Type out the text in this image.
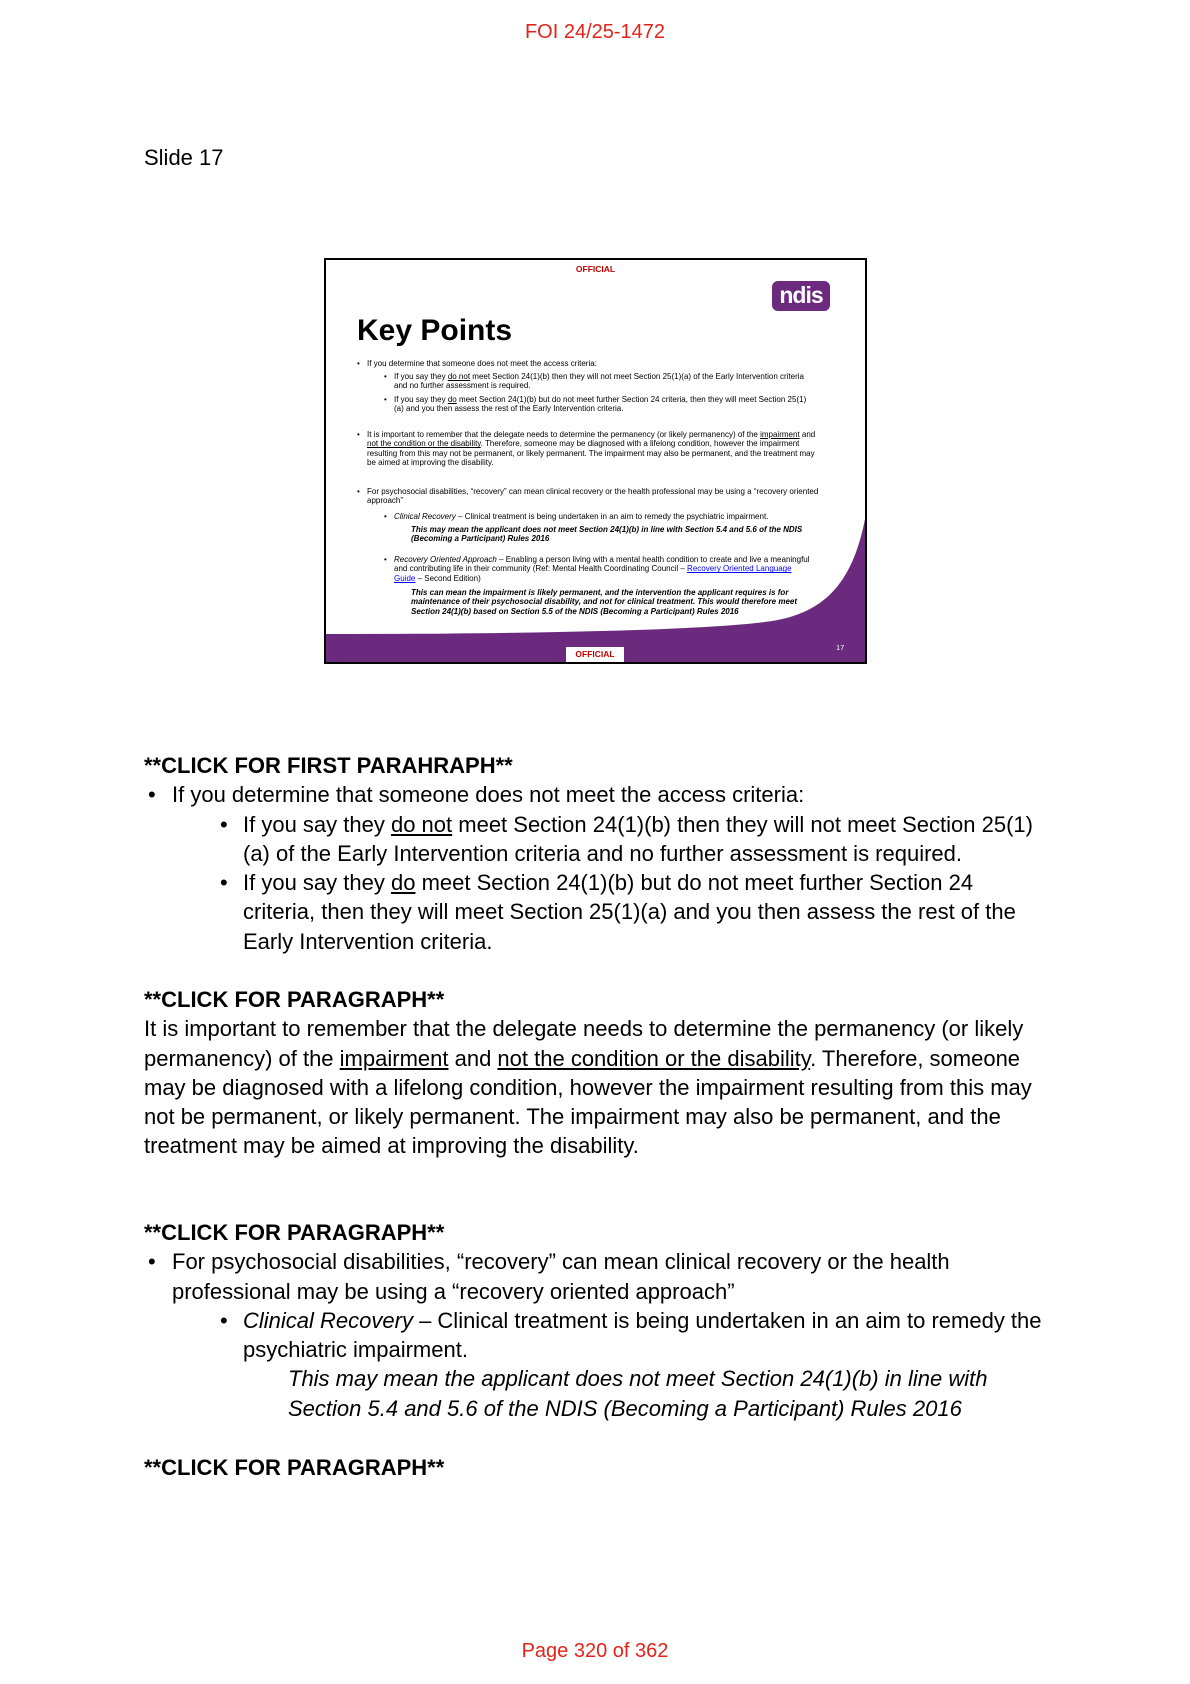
FOI 24/25-1472
Slide 17
OFFICIAL
ndis
Key Points
• If you determine that someone does not meet the access criteria:
• If you say they do not meet Section 24(1)(b) then they will not meet Section 25(1)(a) of the Early Intervention criteria and no further assessment is required.
• If you say they do meet Section 24(1)(b) but do not meet further Section 24 criteria, then they will meet Section 25(1)(a) and you then assess the rest of the Early Intervention criteria.
• It is important to remember that the delegate needs to determine the permanency (or likely permanency) of the impairment and not the condition or the disability. Therefore, someone may be diagnosed with a lifelong condition, however the impairment resulting from this may not be permanent, or likely permanent. The impairment may also be permanent, and the treatment may be aimed at improving the disability.
• For psychosocial disabilities, “recovery” can mean clinical recovery or the health professional may be using a “recovery oriented approach”
• Clinical Recovery – Clinical treatment is being undertaken in an aim to remedy the psychiatric impairment.
This may mean the applicant does not meet Section 24(1)(b) in line with Section 5.4 and 5.6 of the NDIS (Becoming a Participant) Rules 2016
• Recovery Oriented Approach – Enabling a person living with a mental health condition to create and live a meaningful and contributing life in their community (Ref: Mental Health Coordinating Council – Recovery Oriented Language Guide – Second Edition)
This can mean the impairment is likely permanent, and the intervention the applicant requires is for maintenance of their psychosocial disability, and not for clinical treatment. This would therefore meet Section 24(1)(b) based on Section 5.5 of the NDIS (Becoming a Participant) Rules 2016
17
OFFICIAL
**CLICK FOR FIRST PARAHRAPH**
• If you determine that someone does not meet the access criteria:
• If you say they do not meet Section 24(1)(b) then they will not meet Section 25(1)(a) of the Early Intervention criteria and no further assessment is required.
• If you say they do meet Section 24(1)(b) but do not meet further Section 24 criteria, then they will meet Section 25(1)(a) and you then assess the rest of the Early Intervention criteria.
**CLICK FOR PARAGRAPH**
It is important to remember that the delegate needs to determine the permanency (or likely permanency) of the impairment and not the condition or the disability. Therefore, someone may be diagnosed with a lifelong condition, however the impairment resulting from this may not be permanent, or likely permanent. The impairment may also be permanent, and the treatment may be aimed at improving the disability.
**CLICK FOR PARAGRAPH**
• For psychosocial disabilities, “recovery” can mean clinical recovery or the health professional may be using a “recovery oriented approach”
• Clinical Recovery – Clinical treatment is being undertaken in an aim to remedy the psychiatric impairment.
This may mean the applicant does not meet Section 24(1)(b) in line with Section 5.4 and 5.6 of the NDIS (Becoming a Participant) Rules 2016
**CLICK FOR PARAGRAPH**
Page 320 of 362
